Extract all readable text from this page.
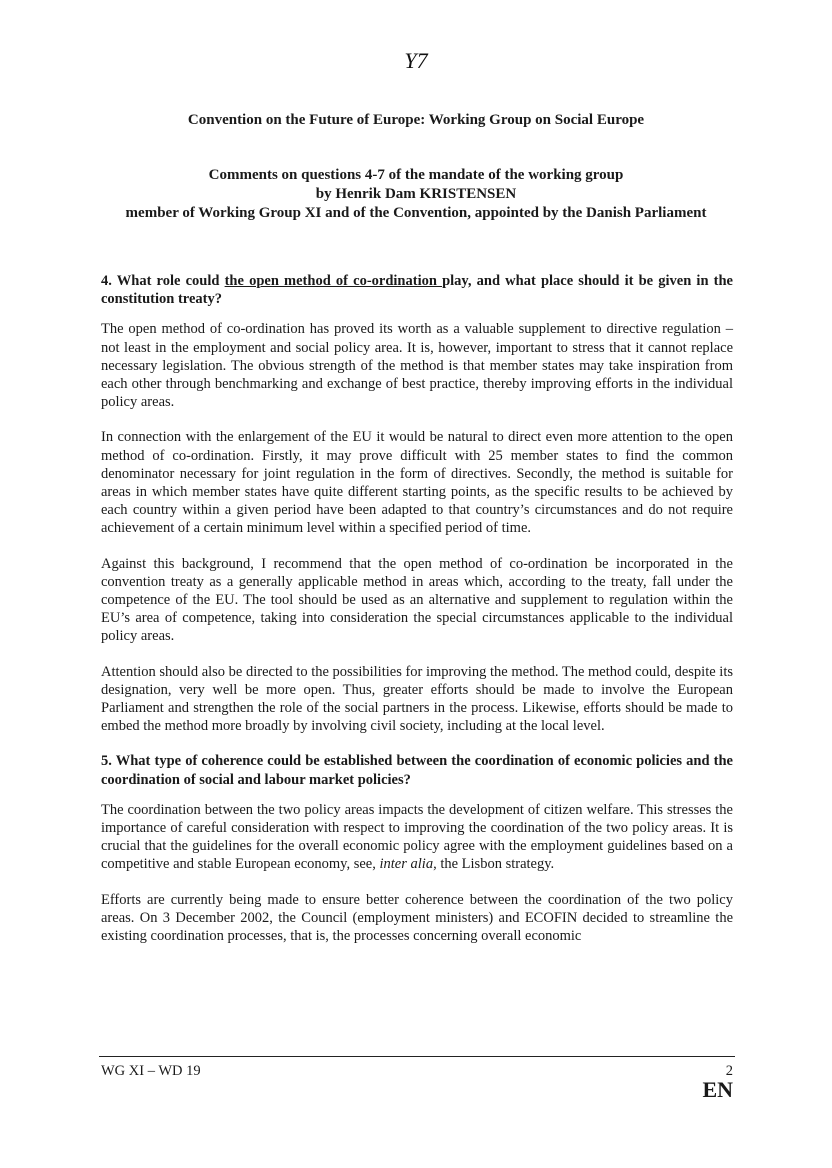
Y7
Convention on the Future of Europe: Working Group on Social Europe
Comments on questions 4-7 of the mandate of the working group
by Henrik Dam KRISTENSEN
member of Working Group XI and of the Convention, appointed by the Danish Parliament
4. What role could the open method of co-ordination play, and what place should it be given in the constitution treaty?
The open method of co-ordination has proved its worth as a valuable supplement to directive regulation – not least in the employment and social policy area. It is, however, important to stress that it cannot replace necessary legislation. The obvious strength of the method is that member states may take inspiration from each other through benchmarking and exchange of best practice, thereby improving efforts in the individual policy areas.
In connection with the enlargement of the EU it would be natural to direct even more attention to the open method of co-ordination. Firstly, it may prove difficult with 25 member states to find the common denominator necessary for joint regulation in the form of directives. Secondly, the method is suitable for areas in which member states have quite different starting points, as the specific results to be achieved by each country within a given period have been adapted to that country’s circumstances and do not require achievement of a certain minimum level within a specified period of time.
Against this background, I recommend that the open method of co-ordination be incorporated in the convention treaty as a generally applicable method in areas which, according to the treaty, fall under the competence of the EU. The tool should be used as an alternative and supplement to regulation within the EU’s area of competence, taking into consideration the special circumstances applicable to the individual policy areas.
Attention should also be directed to the possibilities for improving the method. The method could, despite its designation, very well be more open. Thus, greater efforts should be made to involve the European Parliament and strengthen the role of the social partners in the process. Likewise, efforts should be made to embed the method more broadly by involving civil society, including at the local level.
5. What type of coherence could be established between the coordination of economic policies and the coordination of social and labour market policies?
The coordination between the two policy areas impacts the development of citizen welfare. This stresses the importance of careful consideration with respect to improving the coordination of the two policy areas. It is crucial that the guidelines for the overall economic policy agree with the employment guidelines based on a competitive and stable European economy, see, inter alia, the Lisbon strategy.
Efforts are currently being made to ensure better coherence between the coordination of the two policy areas. On 3 December 2002, the Council (employment ministers) and ECOFIN decided to streamline the existing coordination processes, that is, the processes concerning overall economic
WG XI – WD 19	2
EN
